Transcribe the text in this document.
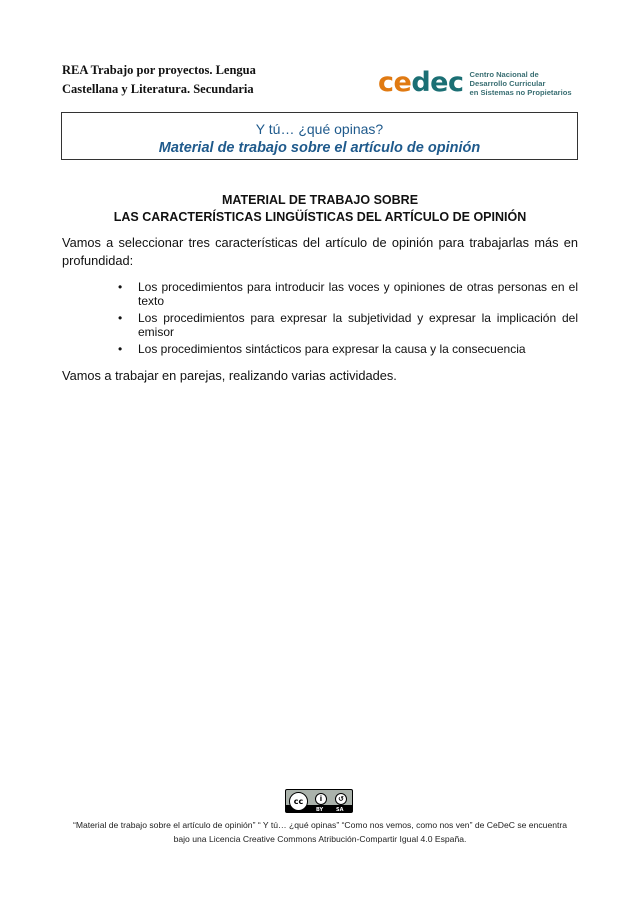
REA Trabajo por proyectos. Lengua
Castellana y Literatura. Secundaria	cedec Centro Nacional de
Desarrollo Curricular
en Sistemas no Propietarios
Y tú… ¿qué opinas?
Material de trabajo sobre el artículo de opinión
MATERIAL DE TRABAJO SOBRE
LAS CARACTERÍSTICAS LINGÜÍSTICAS DEL ARTÍCULO DE OPINIÓN
Vamos a seleccionar tres características del artículo de opinión para trabajarlas más en profundidad:
• Los procedimientos para introducir las voces y opiniones de otras personas en el texto
• Los procedimientos para expresar la subjetividad y expresar la implicación del emisor
• Los procedimientos sintácticos para expresar la causa y la consecuencia
Vamos a trabajar en parejas, realizando varias actividades.
cc	i	↺
BY	SA
“Material de trabajo sobre el artículo de opinión” “ Y tú… ¿qué opinas” “Como nos vemos, como nos ven” de CeDeC se encuentra
bajo una Licencia Creative Commons Atribución-Compartir Igual 4.0 España.
